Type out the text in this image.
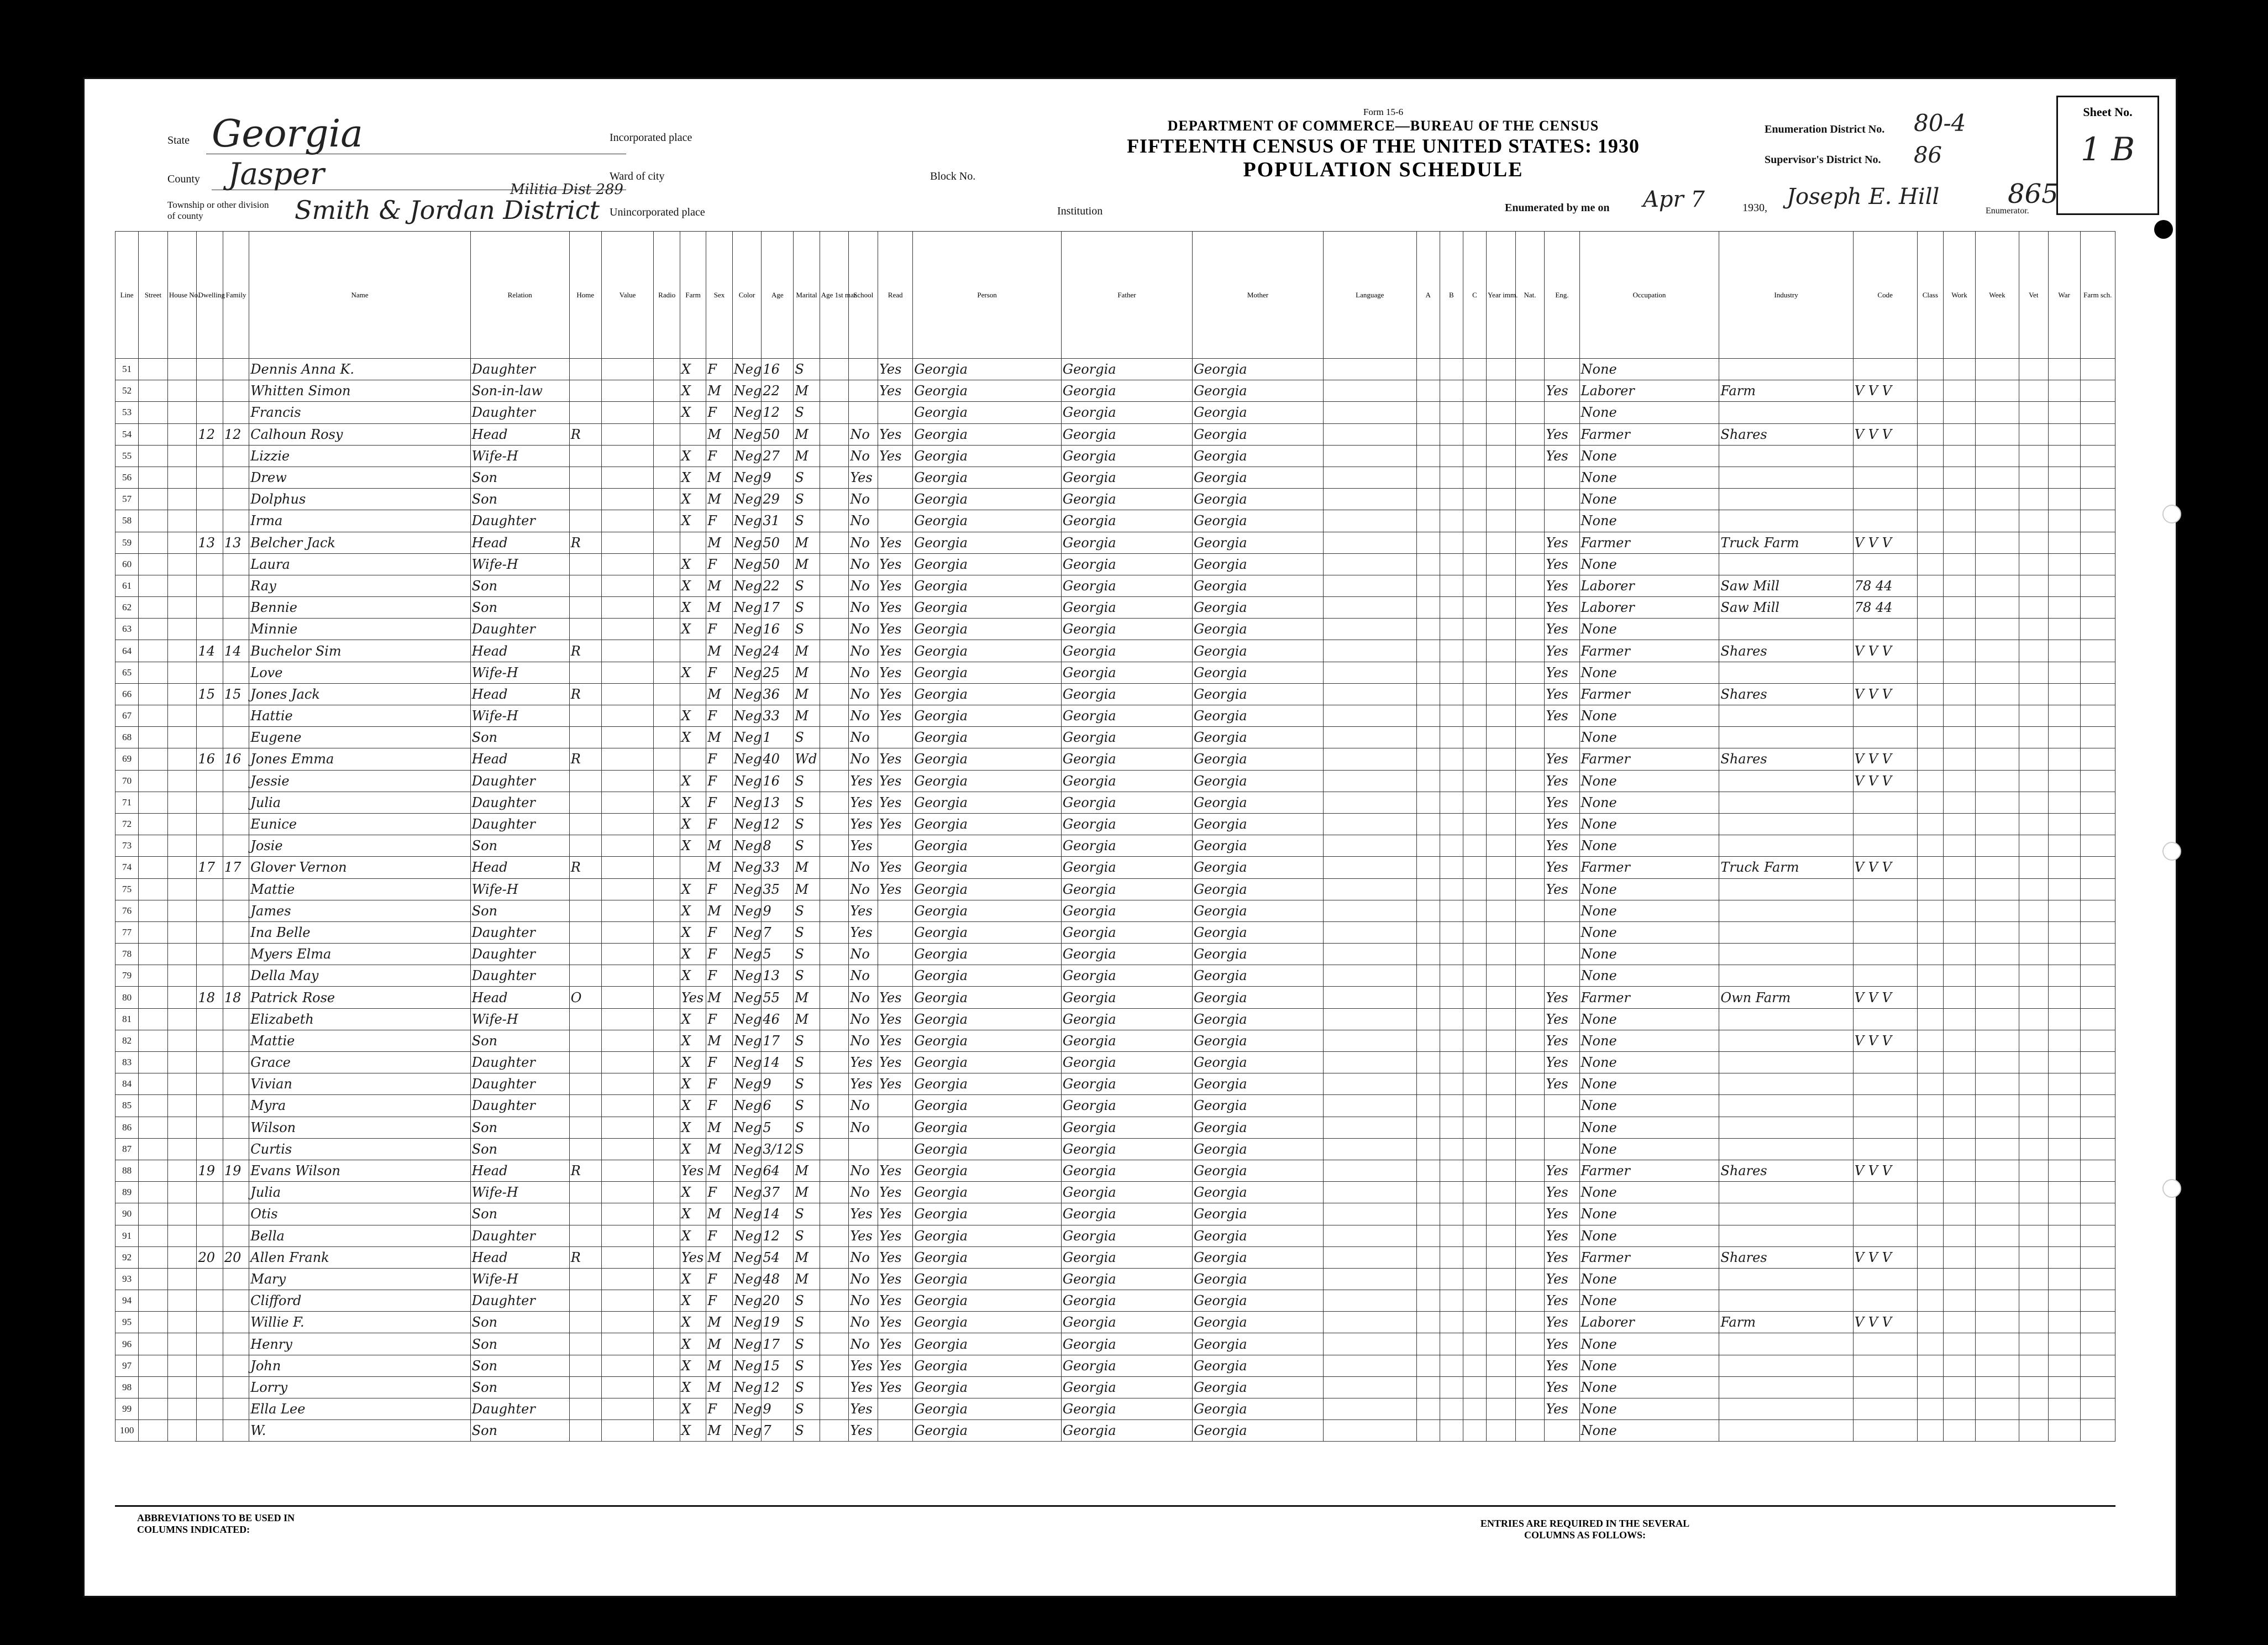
State Georgia
County Jasper
Township or other division of county	Smith & Jordan District
Militia Dist 289
Incorporated place
Ward of city	Block No.
Unincorporated place	Institution
Form 15-6
DEPARTMENT OF COMMERCE—BUREAU OF THE CENSUS
FIFTEENTH CENSUS OF THE UNITED STATES: 1930
POPULATION SCHEDULE
Enumeration District No. 80-4
Supervisor's District No. 86
Enumerated by me on Apr 7	1930, Joseph E. Hill
Enumerator.
865
Sheet No.
1 B
Line	Street	House No.	Dwelling	Family	Name	Relation	Home	Value	Radio	Farm	Sex	Color	Age	Marital	Age 1st mar.	School	Read	Person	Father	Mother	Language	A	B	C	Year imm.	Nat.	Eng.	Occupation	Industry	Code	Class	Work	Week	Vet	War	Farm sch.
51					Dennis Anna K.	Daughter				X	F	Neg	16	S			Yes	Georgia	Georgia	Georgia								None								
52					Whitten Simon	Son-in-law				X	M	Neg	22	M			Yes	Georgia	Georgia	Georgia							Yes	Laborer	Farm	V V V						
53					Francis	Daughter				X	F	Neg	12	S				Georgia	Georgia	Georgia								None								
54			12	12	Calhoun Rosy	Head	R				M	Neg	50	M		No	Yes	Georgia	Georgia	Georgia							Yes	Farmer	Shares	V V V						
55					Lizzie	Wife-H				X	F	Neg	27	M		No	Yes	Georgia	Georgia	Georgia							Yes	None								
56					Drew	Son				X	M	Neg	9	S		Yes		Georgia	Georgia	Georgia								None								
57					Dolphus	Son				X	M	Neg	29	S		No		Georgia	Georgia	Georgia								None								
58					Irma	Daughter				X	F	Neg	31	S		No		Georgia	Georgia	Georgia								None								
59			13	13	Belcher Jack	Head	R				M	Neg	50	M		No	Yes	Georgia	Georgia	Georgia							Yes	Farmer	Truck Farm	V V V						
60					Laura	Wife-H				X	F	Neg	50	M		No	Yes	Georgia	Georgia	Georgia							Yes	None								
61					Ray	Son				X	M	Neg	22	S		No	Yes	Georgia	Georgia	Georgia							Yes	Laborer	Saw Mill	78 44						
62					Bennie	Son				X	M	Neg	17	S		No	Yes	Georgia	Georgia	Georgia							Yes	Laborer	Saw Mill	78 44						
63					Minnie	Daughter				X	F	Neg	16	S		No	Yes	Georgia	Georgia	Georgia							Yes	None								
64			14	14	Buchelor Sim	Head	R				M	Neg	24	M		No	Yes	Georgia	Georgia	Georgia							Yes	Farmer	Shares	V V V						
65					Love	Wife-H				X	F	Neg	25	M		No	Yes	Georgia	Georgia	Georgia							Yes	None								
66			15	15	Jones Jack	Head	R				M	Neg	36	M		No	Yes	Georgia	Georgia	Georgia							Yes	Farmer	Shares	V V V						
67					Hattie	Wife-H				X	F	Neg	33	M		No	Yes	Georgia	Georgia	Georgia							Yes	None								
68					Eugene	Son				X	M	Neg	1	S		No		Georgia	Georgia	Georgia								None								
69			16	16	Jones Emma	Head	R				F	Neg	40	Wd		No	Yes	Georgia	Georgia	Georgia							Yes	Farmer	Shares	V V V						
70					Jessie	Daughter				X	F	Neg	16	S		Yes	Yes	Georgia	Georgia	Georgia							Yes	None		V V V						
71					Julia	Daughter				X	F	Neg	13	S		Yes	Yes	Georgia	Georgia	Georgia							Yes	None								
72					Eunice	Daughter				X	F	Neg	12	S		Yes	Yes	Georgia	Georgia	Georgia							Yes	None								
73					Josie	Son				X	M	Neg	8	S		Yes		Georgia	Georgia	Georgia							Yes	None								
74			17	17	Glover Vernon	Head	R				M	Neg	33	M		No	Yes	Georgia	Georgia	Georgia							Yes	Farmer	Truck Farm	V V V						
75					Mattie	Wife-H				X	F	Neg	35	M		No	Yes	Georgia	Georgia	Georgia							Yes	None								
76					James	Son				X	M	Neg	9	S		Yes		Georgia	Georgia	Georgia								None								
77					Ina Belle	Daughter				X	F	Neg	7	S		Yes		Georgia	Georgia	Georgia								None								
78					Myers Elma	Daughter				X	F	Neg	5	S		No		Georgia	Georgia	Georgia								None								
79					Della May	Daughter				X	F	Neg	13	S		No		Georgia	Georgia	Georgia								None								
80			18	18	Patrick Rose	Head	O			Yes	M	Neg	55	M		No	Yes	Georgia	Georgia	Georgia							Yes	Farmer	Own Farm	V V V						
81					Elizabeth	Wife-H				X	F	Neg	46	M		No	Yes	Georgia	Georgia	Georgia							Yes	None								
82					Mattie	Son				X	M	Neg	17	S		No	Yes	Georgia	Georgia	Georgia							Yes	None		V V V						
83					Grace	Daughter				X	F	Neg	14	S		Yes	Yes	Georgia	Georgia	Georgia							Yes	None								
84					Vivian	Daughter				X	F	Neg	9	S		Yes	Yes	Georgia	Georgia	Georgia							Yes	None								
85					Myra	Daughter				X	F	Neg	6	S		No		Georgia	Georgia	Georgia								None								
86					Wilson	Son				X	M	Neg	5	S		No		Georgia	Georgia	Georgia								None								
87					Curtis	Son				X	M	Neg	3/12	S				Georgia	Georgia	Georgia								None								
88			19	19	Evans Wilson	Head	R			Yes	M	Neg	64	M		No	Yes	Georgia	Georgia	Georgia							Yes	Farmer	Shares	V V V						
89					Julia	Wife-H				X	F	Neg	37	M		No	Yes	Georgia	Georgia	Georgia							Yes	None								
90					Otis	Son				X	M	Neg	14	S		Yes	Yes	Georgia	Georgia	Georgia							Yes	None								
91					Bella	Daughter				X	F	Neg	12	S		Yes	Yes	Georgia	Georgia	Georgia							Yes	None								
92			20	20	Allen Frank	Head	R			Yes	M	Neg	54	M		No	Yes	Georgia	Georgia	Georgia							Yes	Farmer	Shares	V V V						
93					Mary	Wife-H				X	F	Neg	48	M		No	Yes	Georgia	Georgia	Georgia							Yes	None								
94					Clifford	Daughter				X	F	Neg	20	S		No	Yes	Georgia	Georgia	Georgia							Yes	None								
95					Willie F.	Son				X	M	Neg	19	S		No	Yes	Georgia	Georgia	Georgia							Yes	Laborer	Farm	V V V						
96					Henry	Son				X	M	Neg	17	S		No	Yes	Georgia	Georgia	Georgia							Yes	None								
97					John	Son				X	M	Neg	15	S		Yes	Yes	Georgia	Georgia	Georgia							Yes	None								
98					Lorry	Son				X	M	Neg	12	S		Yes	Yes	Georgia	Georgia	Georgia							Yes	None								
99					Ella Lee	Daughter				X	F	Neg	9	S		Yes		Georgia	Georgia	Georgia							Yes	None								
100					W.	Son				X	M	Neg	7	S		Yes		Georgia	Georgia	Georgia								None								
ABBREVIATIONS TO BE USED IN COLUMNS INDICATED:
ENTRIES ARE REQUIRED IN THE SEVERAL COLUMNS AS FOLLOWS:
